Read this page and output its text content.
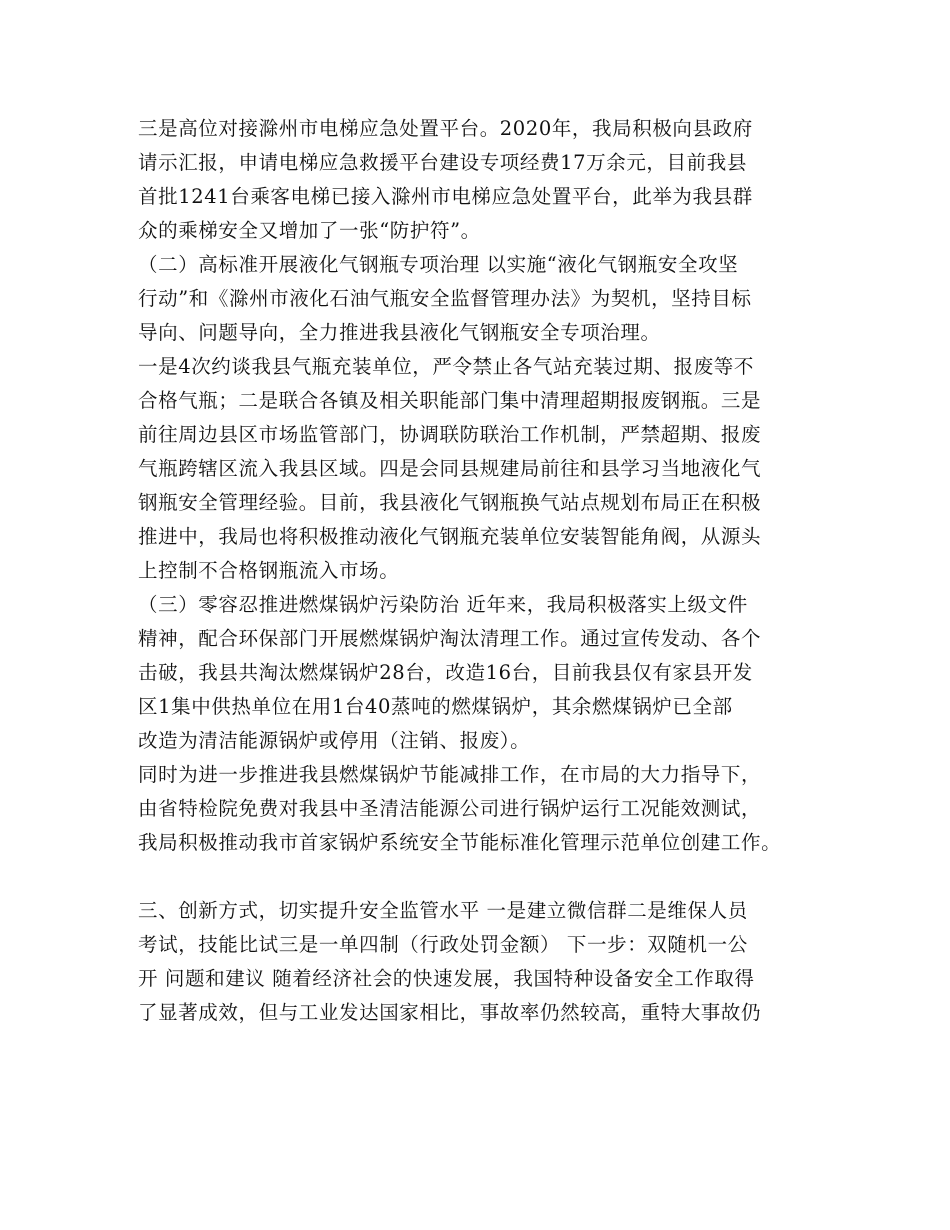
三是高位对接滁州市电梯应急处置平台。2020年，我局积极向县政府
请示汇报，申请电梯应急救援平台建设专项经费17万余元，目前我县
首批1241台乘客电梯已接入滁州市电梯应急处置平台，此举为我县群
众的乘梯安全又增加了一张“防护符”。
（二）高标准开展液化气钢瓶专项治理 以实施“液化气钢瓶安全攻坚
行动”和《滁州市液化石油气瓶安全监督管理办法》为契机，坚持目标
导向、问题导向，全力推进我县液化气钢瓶安全专项治理。
一是4次约谈我县气瓶充装单位，严令禁止各气站充装过期、报废等不
合格气瓶；二是联合各镇及相关职能部门集中清理超期报废钢瓶。三是
前往周边县区市场监管部门，协调联防联治工作机制，严禁超期、报废
气瓶跨辖区流入我县区域。四是会同县规建局前往和县学习当地液化气
钢瓶安全管理经验。目前，我县液化气钢瓶换气站点规划布局正在积极
推进中，我局也将积极推动液化气钢瓶充装单位安装智能角阀，从源头
上控制不合格钢瓶流入市场。
（三）零容忍推进燃煤锅炉污染防治 近年来，我局积极落实上级文件
精神，配合环保部门开展燃煤锅炉淘汰清理工作。通过宣传发动、各个
击破，我县共淘汰燃煤锅炉28台，改造16台，目前我县仅有家县开发
区1集中供热单位在用1台40蒸吨的燃煤锅炉，其余燃煤锅炉已全部
改造为清洁能源锅炉或停用（注销、报废）。
同时为进一步推进我县燃煤锅炉节能减排工作，在市局的大力指导下，
由省特检院免费对我县中圣清洁能源公司进行锅炉运行工况能效测试，
我局积极推动我市首家锅炉系统安全节能标准化管理示范单位创建工作。
三、创新方式，切实提升安全监管水平 一是建立微信群二是维保人员
考试，技能比试三是一单四制（行政处罚金额） 下一步：双随机一公
开 问题和建议 随着经济社会的快速发展，我国特种设备安全工作取得
了显著成效，但与工业发达国家相比，事故率仍然较高，重特大事故仍
